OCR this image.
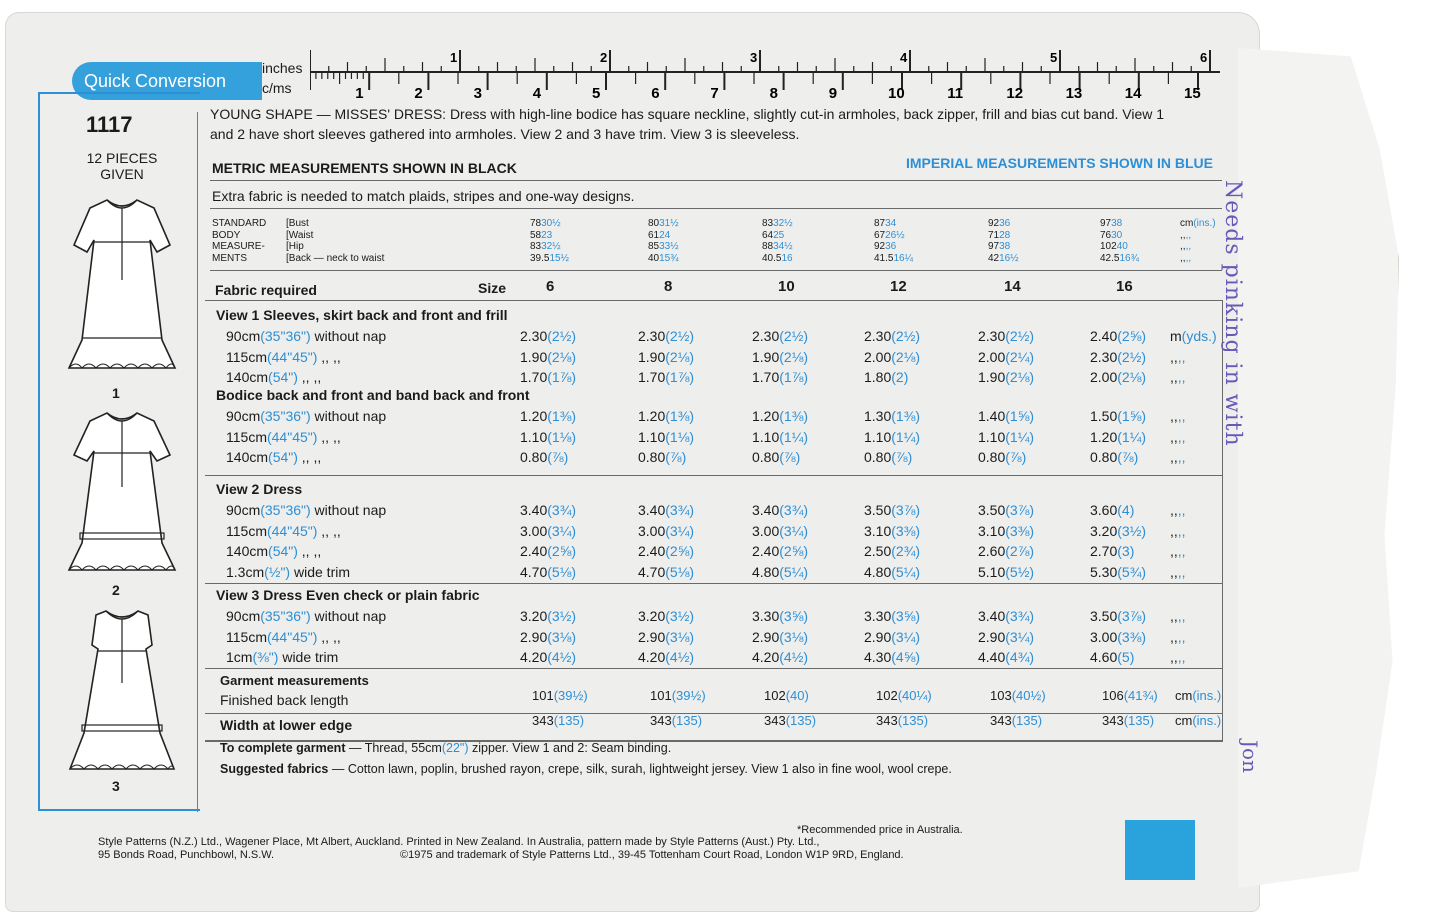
Quick Conversion
inches
c/ms
1	2	3	4	5	6
1	2	3	4	5	6	7	8	9	10	11	12	13	14	15
1117
12 PIECES
GIVEN
1
2
3
YOUNG SHAPE — MISSES' DRESS: Dress with high-line bodice has square neckline, slightly cut-in armholes, back zipper, frill and bias cut band. View 1
and 2 have short sleeves gathered into armholes. View 2 and 3 have trim. View 3 is sleeveless.
METRIC MEASUREMENTS SHOWN IN BLACK	IMPERIAL MEASUREMENTS SHOWN IN BLUE
Extra fabric is needed to match plaids, stripes and one-way designs.
STANDARD
BODY
MEASURE-
MENTS
[Bust	7830½	8031½	8332½	8734	9236	9738	cm(ins.)
[Waist	5823	6124	6425	6726½	7128	7630	,,,,
[Hip	8332½	8533½	8834½	9236	9738	10240	,,,,
[Back — neck to waist	39.515½	4015¾	40.516	41.516¼	4216½	42.516¾	,,,,
Fabric required	Size	6	8	10	12	14	16
View 1 Sleeves, skirt back and front and frill
90cm(35"36") without nap	2.30(2½)	2.30(2½)	2.30(2½)	2.30(2½)	2.30(2½)	2.40(2⅝) m(yds.)
115cm(44"45") ,, ,,	1.90(2⅛)	1.90(2⅛)	1.90(2⅛)	2.00(2⅛)	2.00(2¼)	2.30(2½) ,,,,
140cm(54") ,, ,,	1.70(1⅞)	1.70(1⅞)	1.70(1⅞)	1.80(2)	1.90(2⅛)	2.00(2⅛) ,,,,
Bodice back and front and band back and front
90cm(35"36") without nap	1.20(1⅜)	1.20(1⅜)	1.20(1⅜)	1.30(1⅜)	1.40(1⅝)	1.50(1⅝) ,,,,
115cm(44"45") ,, ,,	1.10(1⅛)	1.10(1⅛)	1.10(1¼)	1.10(1¼)	1.10(1¼)	1.20(1¼) ,,,,
140cm(54") ,, ,,	0.80(⅞)	0.80(⅞)	0.80(⅞)	0.80(⅞)	0.80(⅞)	0.80(⅞) ,,,,
View 2 Dress
90cm(35"36") without nap	3.40(3¾)	3.40(3¾)	3.40(3¾)	3.50(3⅞)	3.50(3⅞)	3.60(4)	,,,,
115cm(44"45") ,, ,,	3.00(3¼)	3.00(3¼)	3.00(3¼)	3.10(3⅜)	3.10(3⅜)	3.20(3½) ,,,,
140cm(54") ,, ,,	2.40(2⅝)	2.40(2⅝)	2.40(2⅝)	2.50(2¾)	2.60(2⅞)	2.70(3)	,,,,
1.3cm(½") wide trim	4.70(5⅛)	4.70(5⅛)	4.80(5¼)	4.80(5¼)	5.10(5½)	5.30(5¾) ,,,,
View 3 Dress Even check or plain fabric
90cm(35"36") without nap	3.20(3½)	3.20(3½)	3.30(3⅝)	3.30(3⅝)	3.40(3¾)	3.50(3⅞) ,,,,
115cm(44"45") ,, ,,	2.90(3⅛)	2.90(3⅛)	2.90(3⅛)	2.90(3¼)	2.90(3¼)	3.00(3⅜) ,,,,
1cm(⅜") wide trim	4.20(4½)	4.20(4½)	4.20(4½)	4.30(4⅝)	4.40(4¾)	4.60(5)	,,,,
Garment measurements
Finished back length
Width at lower edge
101(39½)	101(39½)	102(40)	102(40¼)	103(40½)	106(41¾)
343(135)	343(135)	343(135)	343(135)	343(135)	343(135)
cm(ins.)
cm(ins.)
To complete garment — Thread, 55cm(22") zipper. View 1 and 2: Seam binding.
Suggested fabrics — Cotton lawn, poplin, brushed rayon, crepe, silk, surah, lightweight jersey. View 1 also in fine wool, wool crepe.
*Recommended price in Australia.
Style Patterns (N.Z.) Ltd., Wagener Place, Mt Albert, Auckland. Printed in New Zealand. In Australia, pattern made by Style Patterns (Aust.) Pty. Ltd.,
95 Bonds Road, Punchbowl, N.S.W.	©1975 and trademark of Style Patterns Ltd., 39-45 Tottenham Court Road, London W1P 9RD, England.
Needs pinking in with
Jon
